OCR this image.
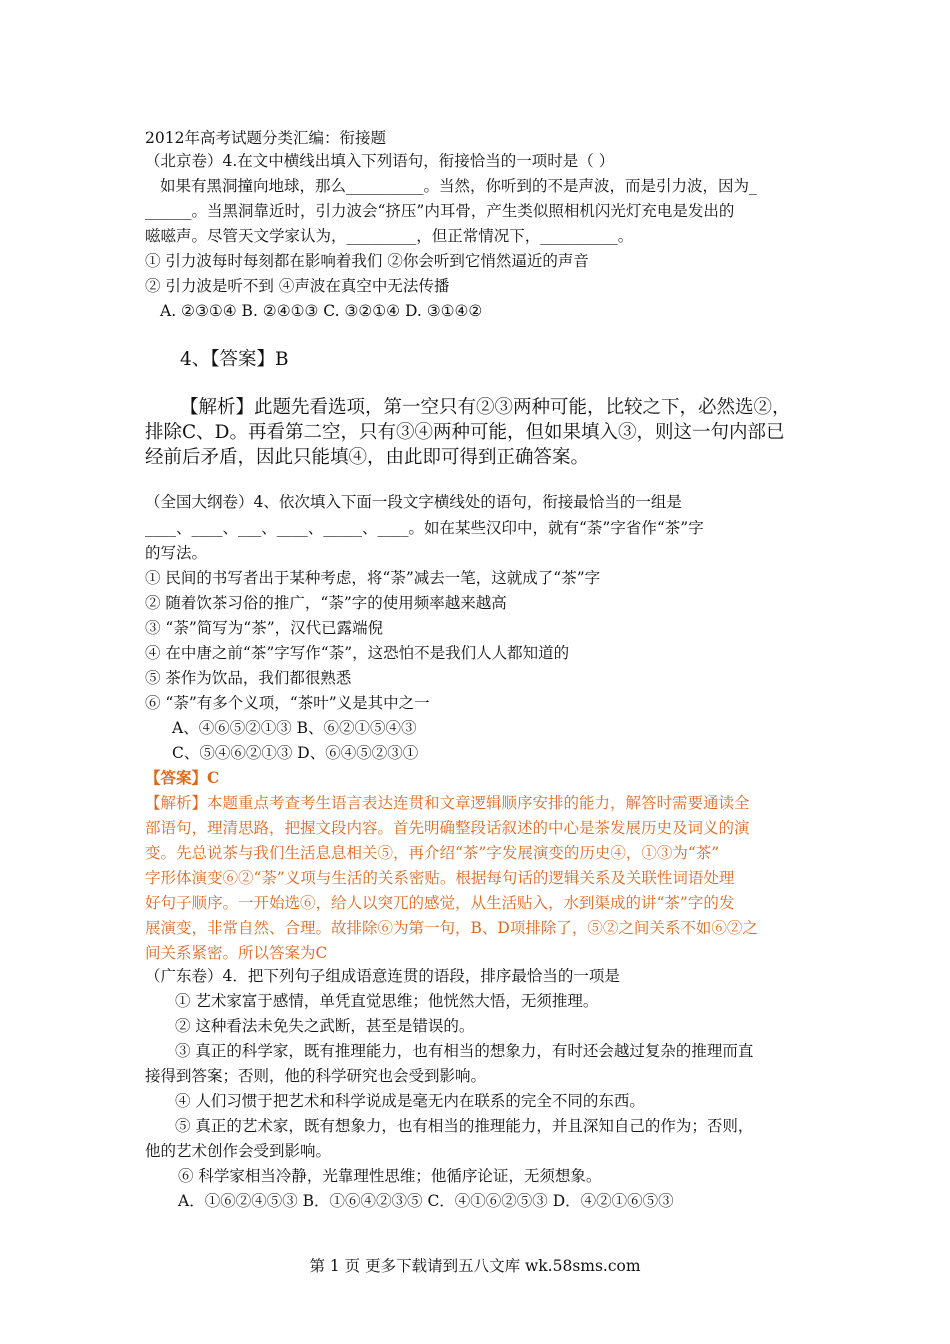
2012年高考试题分类汇编：衔接题
（北京卷）4.在文中横线出填入下列语句，衔接恰当的一项时是（ ）
如果有黑洞撞向地球，那么__________。当然，你听到的不是声波，而是引力波，因为_
______。当黑洞靠近时，引力波会“挤压”内耳骨，产生类似照相机闪光灯充电是发出的
嗞嗞声。尽管天文学家认为，_________，但正常情况下，__________。
① 引力波每时每刻都在影响着我们 ②你会听到它悄然逼近的声音
② 引力波是听不到 ④声波在真空中无法传播
A. ②③①④ B. ②④①③ C. ③②①④ D. ③①④②
4、【答案】B
【解析】此题先看选项，第一空只有②③两种可能，比较之下，必然选②，
排除C、D。再看第二空，只有③④两种可能，但如果填入③，则这一句内部已
经前后矛盾，因此只能填④，由此即可得到正确答案。
（全国大纲卷）4、依次填入下面一段文字横线处的语句，衔接最恰当的一组是
____、____、___、____、_____、____。如在某些汉印中，就有“荼”字省作“茶”字
的写法。
① 民间的书写者出于某种考虑，将“荼”减去一笔，这就成了“茶”字
② 随着饮茶习俗的推广，“荼”字的使用频率越来越高
③ “荼”简写为“茶”，汉代已露端倪
④ 在中唐之前“茶”字写作“荼”，这恐怕不是我们人人都知道的
⑤ 茶作为饮品，我们都很熟悉
⑥ “荼”有多个义项，“茶叶”义是其中之一
A、④⑥⑤②①③ B、⑥②①⑤④③
C、⑤④⑥②①③ D、⑥④⑤②③①
【答案】C
【解析】本题重点考查考生语言表达连贯和文章逻辑顺序安排的能力，解答时需要通读全
部语句，理清思路，把握文段内容。首先明确整段话叙述的中心是茶发展历史及词义的演
变。先总说茶与我们生活息息相关⑤，再介绍“茶”字发展演变的历史④，①③为“茶”
字形体演变⑥②“荼”义项与生活的关系密贴。根据每句话的逻辑关系及关联性词语处理
好句子顺序。一开始选⑥，给人以突兀的感觉，从生活贴入，水到渠成的讲“茶”字的发
展演变，非常自然、合理。故排除⑥为第一句，B、D项排除了，⑤②之间关系不如⑥②之
间关系紧密。所以答案为C
（广东卷）4．把下列句子组成语意连贯的语段，排序最恰当的一项是
① 艺术家富于感情，单凭直觉思维；他恍然大悟，无须推理。
② 这种看法未免失之武断，甚至是错误的。
③ 真正的科学家，既有推理能力，也有相当的想象力，有时还会越过复杂的推理而直
接得到答案；否则，他的科学研究也会受到影响。
④ 人们习惯于把艺术和科学说成是毫无内在联系的完全不同的东西。
⑤ 真正的艺术家，既有想象力，也有相当的推理能力，并且深知自己的作为；否则，
他的艺术创作会受到影响。
⑥ 科学家相当冷静，光靠理性思维；他循序论证，无须想象。
A．①⑥②④⑤③ B．①⑥④②③⑤ C．④①⑥②⑤③ D．④②①⑥⑤③
第 1 页 更多下载请到五八文库 wk.58sms.com
